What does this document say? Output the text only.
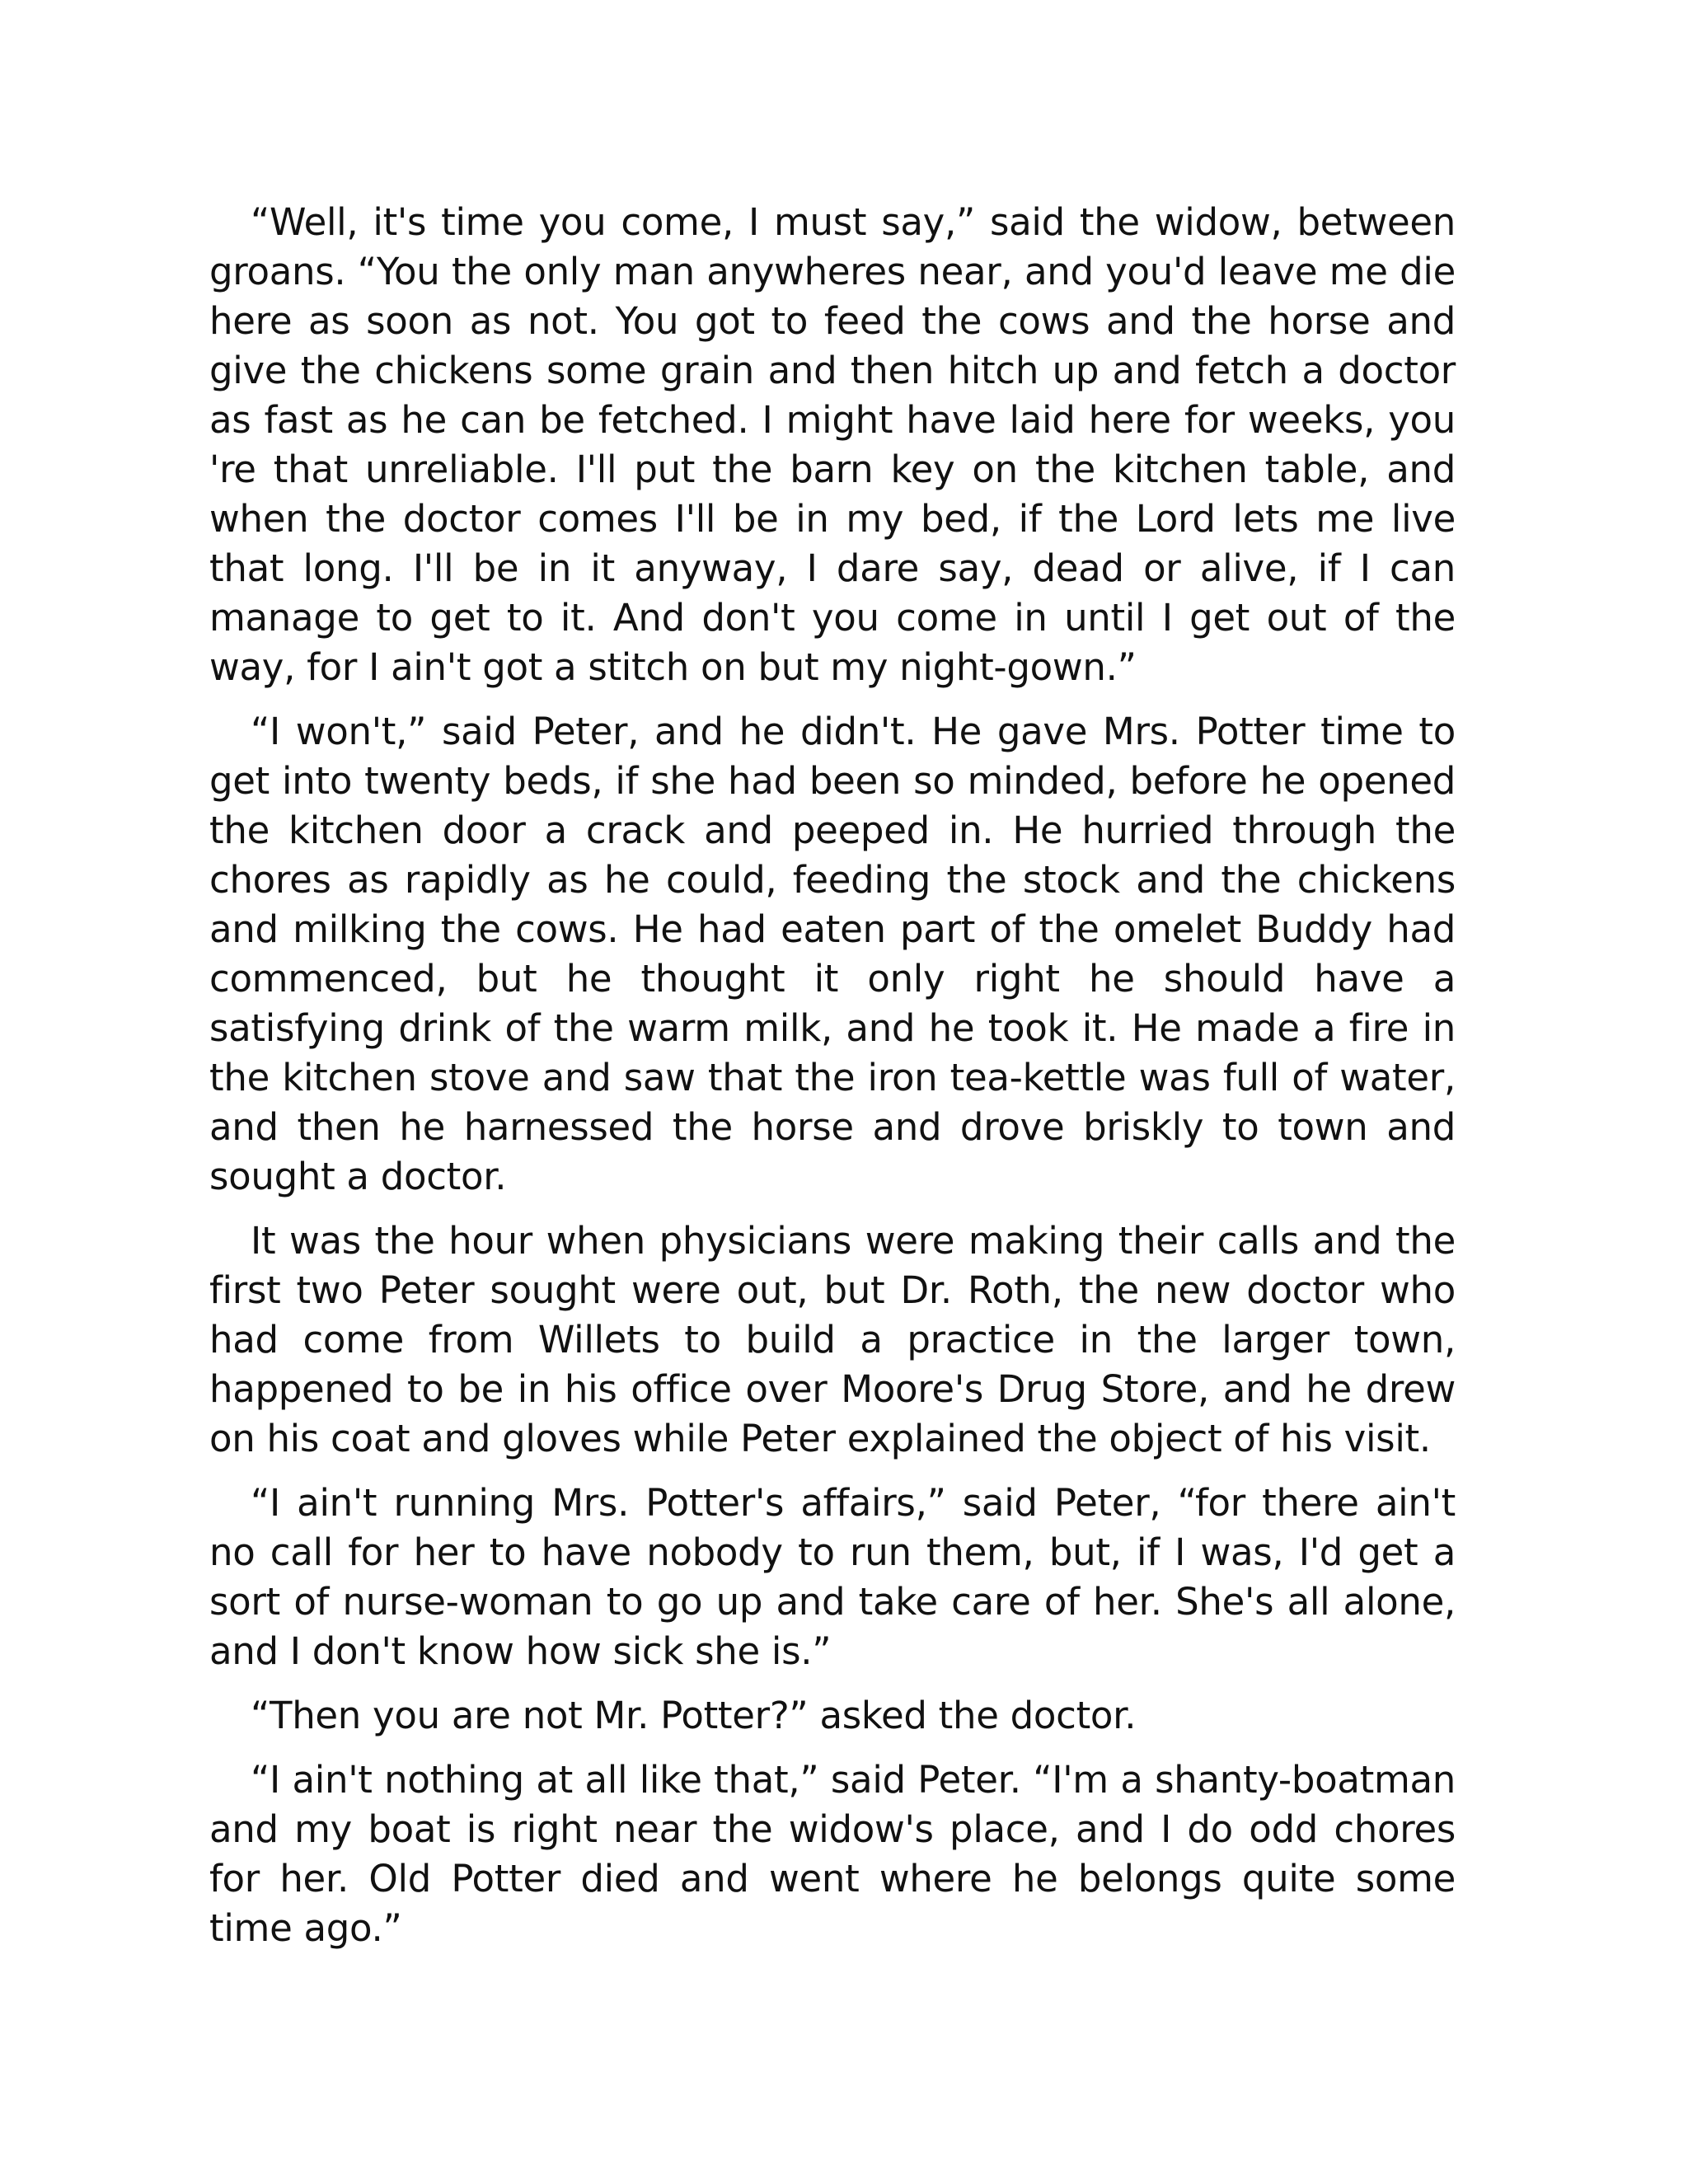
“Well, it's time you come, I must say,” said the widow, between groans. “You the only man anywheres near, and you'd leave me die here as soon as not. You got to feed the cows and the horse and give the chickens some grain and then hitch up and fetch a doctor as fast as he can be fetched. I might have laid here for weeks, you 're that unreliable. I'll put the barn key on the kitchen table, and when the doctor comes I'll be in my bed, if the Lord lets me live that long. I'll be in it anyway, I dare say, dead or alive, if I can manage to get to it. And don't you come in until I get out of the way, for I ain't got a stitch on but my night-gown.”

“I won't,” said Peter, and he didn't. He gave Mrs. Potter time to get into twenty beds, if she had been so minded, before he opened the kitchen door a crack and peeped in. He hurried through the chores as rapidly as he could, feeding the stock and the chickens and milking the cows. He had eaten part of the omelet Buddy had commenced, but he thought it only right he should have a satisfying drink of the warm milk, and he took it. He made a fire in the kitchen stove and saw that the iron tea-kettle was full of water, and then he harnessed the horse and drove briskly to town and sought a doctor.

It was the hour when physicians were making their calls and the first two Peter sought were out, but Dr. Roth, the new doctor who had come from Willets to build a practice in the larger town, happened to be in his office over Moore's Drug Store, and he drew on his coat and gloves while Peter explained the object of his visit.

“I ain't running Mrs. Potter's affairs,” said Peter, “for there ain't no call for her to have nobody to run them, but, if I was, I'd get a sort of nurse-woman to go up and take care of her. She's all alone, and I don't know how sick she is.”

“Then you are not Mr. Potter?” asked the doctor.

“I ain't nothing at all like that,” said Peter. “I'm a shanty-boatman and my boat is right near the widow's place, and I do odd chores for her. Old Potter died and went where he belongs quite some time ago.”
